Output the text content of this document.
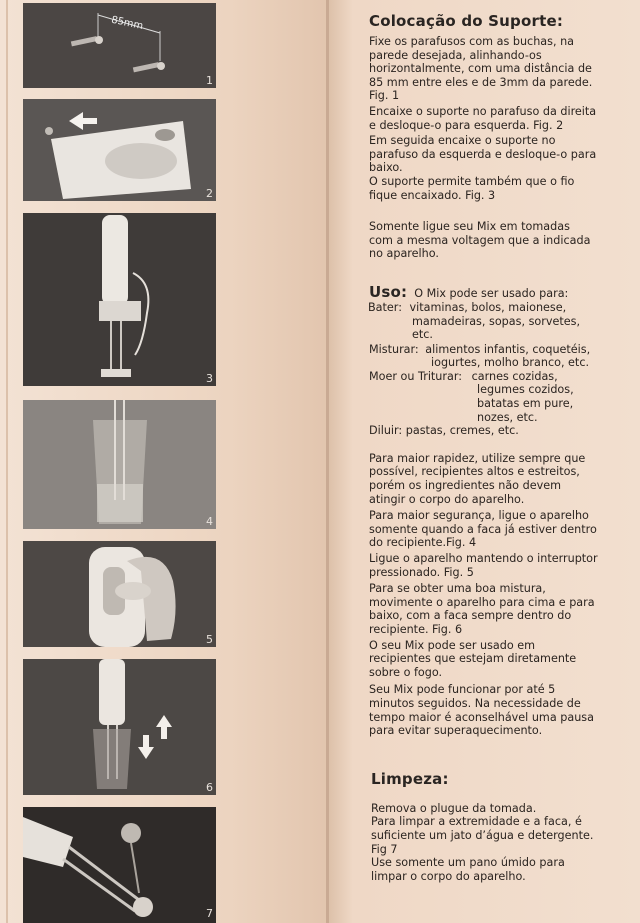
85mm
1
2
3
4
5
6
7
Colocação do Suporte:

Fixe os parafusos com as buchas, na
parede desejada, alinhando-os
horizontalmente, com uma distância de
85 mm entre eles e de 3mm da parede.
Fig. 1

Encaixe o suporte no parafuso da direita
e desloque-o para esquerda. Fig. 2

Em seguida encaixe o suporte no
parafuso da esquerda e desloque-o para
baixo.

O suporte permite também que o fio
fique encaixado. Fig. 3

Somente ligue seu Mix em tomadas
com a mesma voltagem que a indicada
no aparelho.

Uso: O Mix pode ser usado para:
Bater: vitaminas, bolos, maionese,
mamadeiras, sopas, sorvetes,
etc.
Misturar: alimentos infantis, coquetéis,
iogurtes, molho branco, etc.
Moer ou Triturar: carnes cozidas,
legumes cozidos,
batatas em pure,
nozes, etc.
Diluir: pastas, cremes, etc.

Para maior rapidez, utilize sempre que
possível, recipientes altos e estreitos,
porém os ingredientes não devem
atingir o corpo do aparelho.

Para maior segurança, ligue o aparelho
somente quando a faca já estiver dentro
do recipiente.Fig. 4

Ligue o aparelho mantendo o interruptor
pressionado. Fig. 5

Para se obter uma boa mistura,
movimente o aparelho para cima e para
baixo, com a faca sempre dentro do
recipiente. Fig. 6

O seu Mix pode ser usado em
recipientes que estejam diretamente
sobre o fogo.

Seu Mix pode funcionar por até 5
minutos seguidos. Na necessidade de
tempo maior é aconselhável uma pausa
para evitar superaquecimento.

Limpeza:

Remova o plugue da tomada.

Para limpar a extremidade e a faca, é
suficiente um jato d’água e detergente.
Fig 7

Use somente um pano úmido para
limpar o corpo do aparelho.
